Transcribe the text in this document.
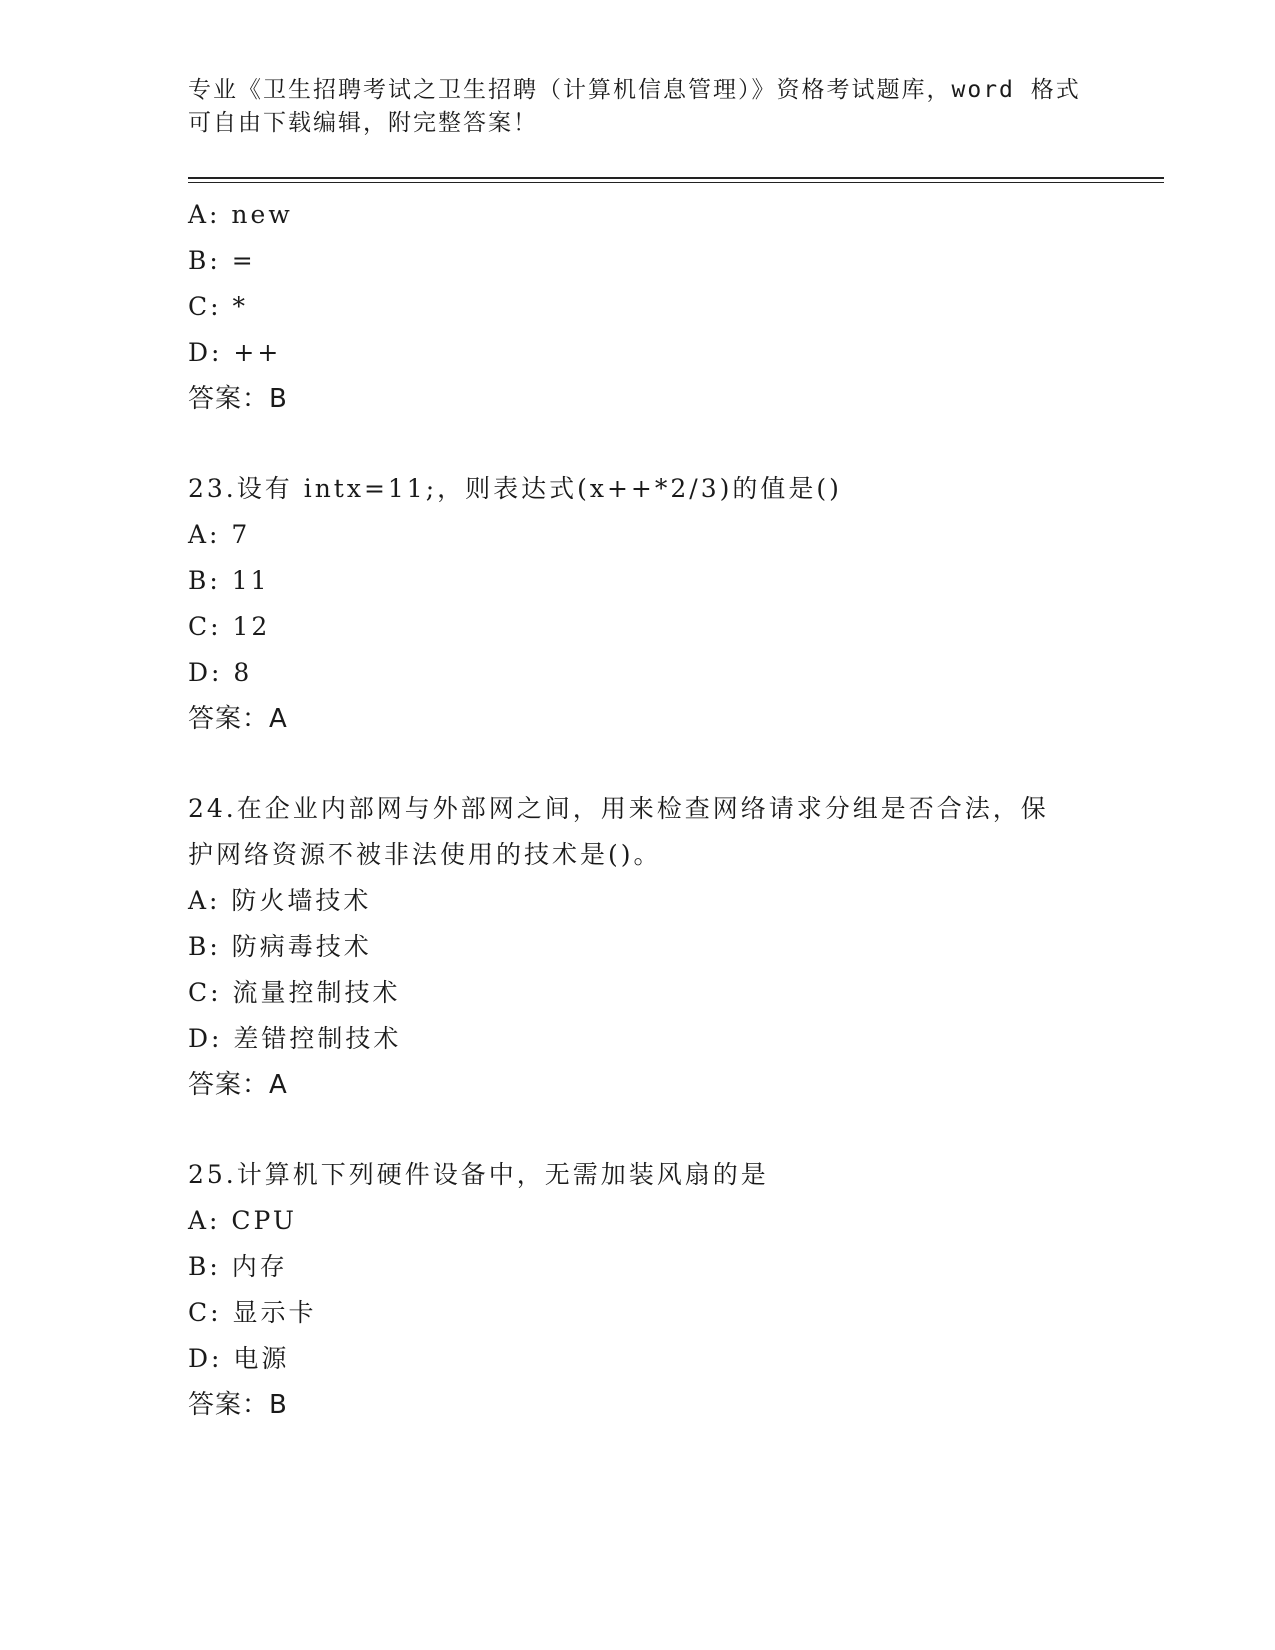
专业《卫生招聘考试之卫生招聘（计算机信息管理）》资格考试题库，word 格式
可自由下载编辑，附完整答案！
A: new
B: =
C: *
D: ++
答案：B
23.设有 intx=11;，则表达式(x++*2/3)的值是()
A: 7
B: 11
C: 12
D: 8
答案：A
24.在企业内部网与外部网之间，用来检查网络请求分组是否合法，保
护网络资源不被非法使用的技术是()。
A: 防火墙技术
B: 防病毒技术
C: 流量控制技术
D: 差错控制技术
答案：A
25.计算机下列硬件设备中，无需加装风扇的是
A: CPU
B: 内存
C: 显示卡
D: 电源
答案：B
